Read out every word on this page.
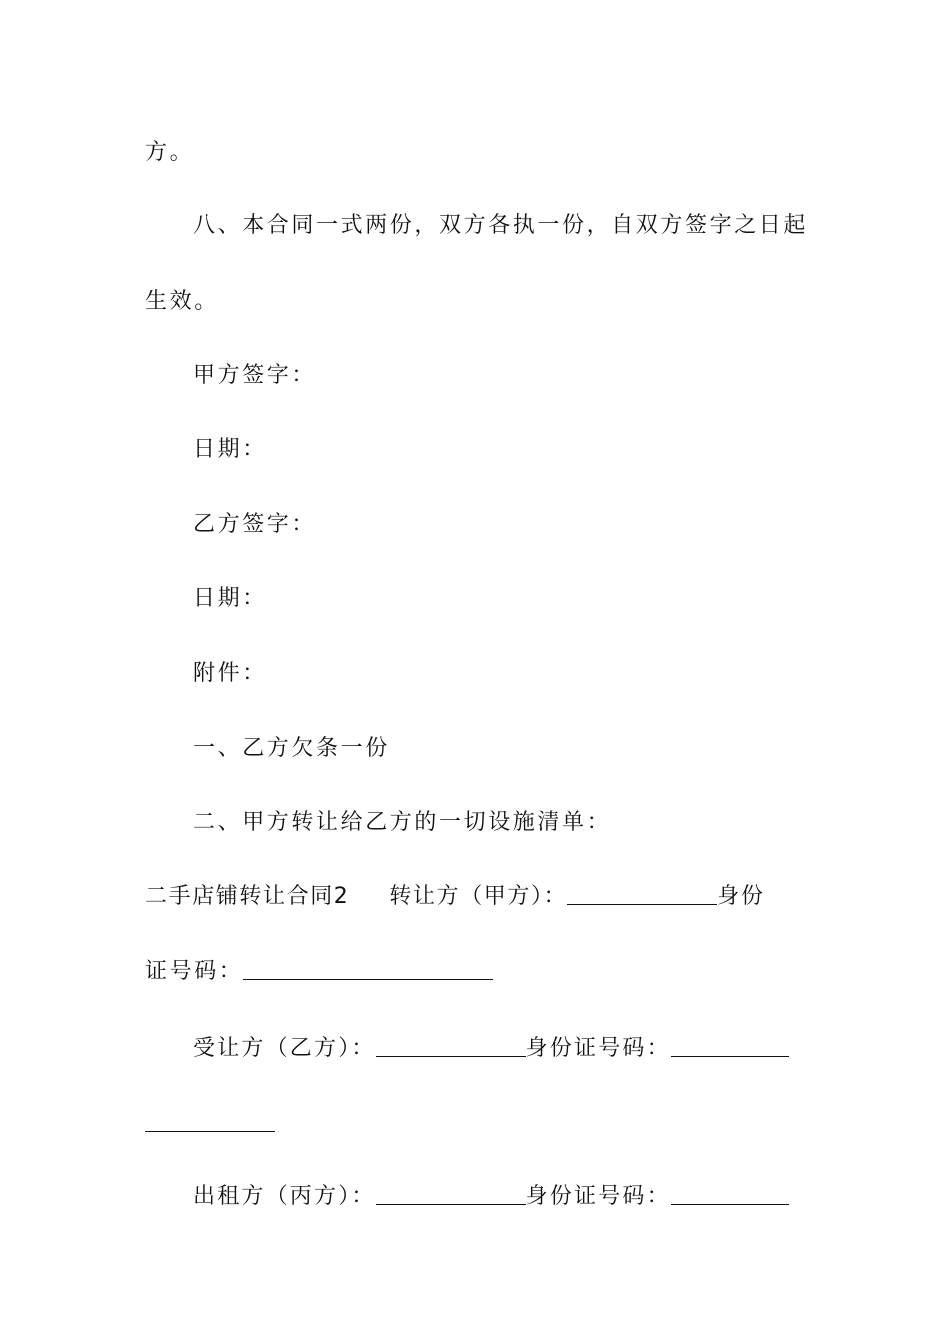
方。
八、本合同一式两份，双方各执一份，自双方签字之日起
生效。
甲方签字：
日期：
乙方签字：
日期：
附件：
一、乙方欠条一份
二、甲方转让给乙方的一切设施清单：
二手店铺转让合同2 转让方（甲方）：	身份
证号码：
受让方（乙方）：	身份证号码：
出租方（丙方）：	身份证号码：
